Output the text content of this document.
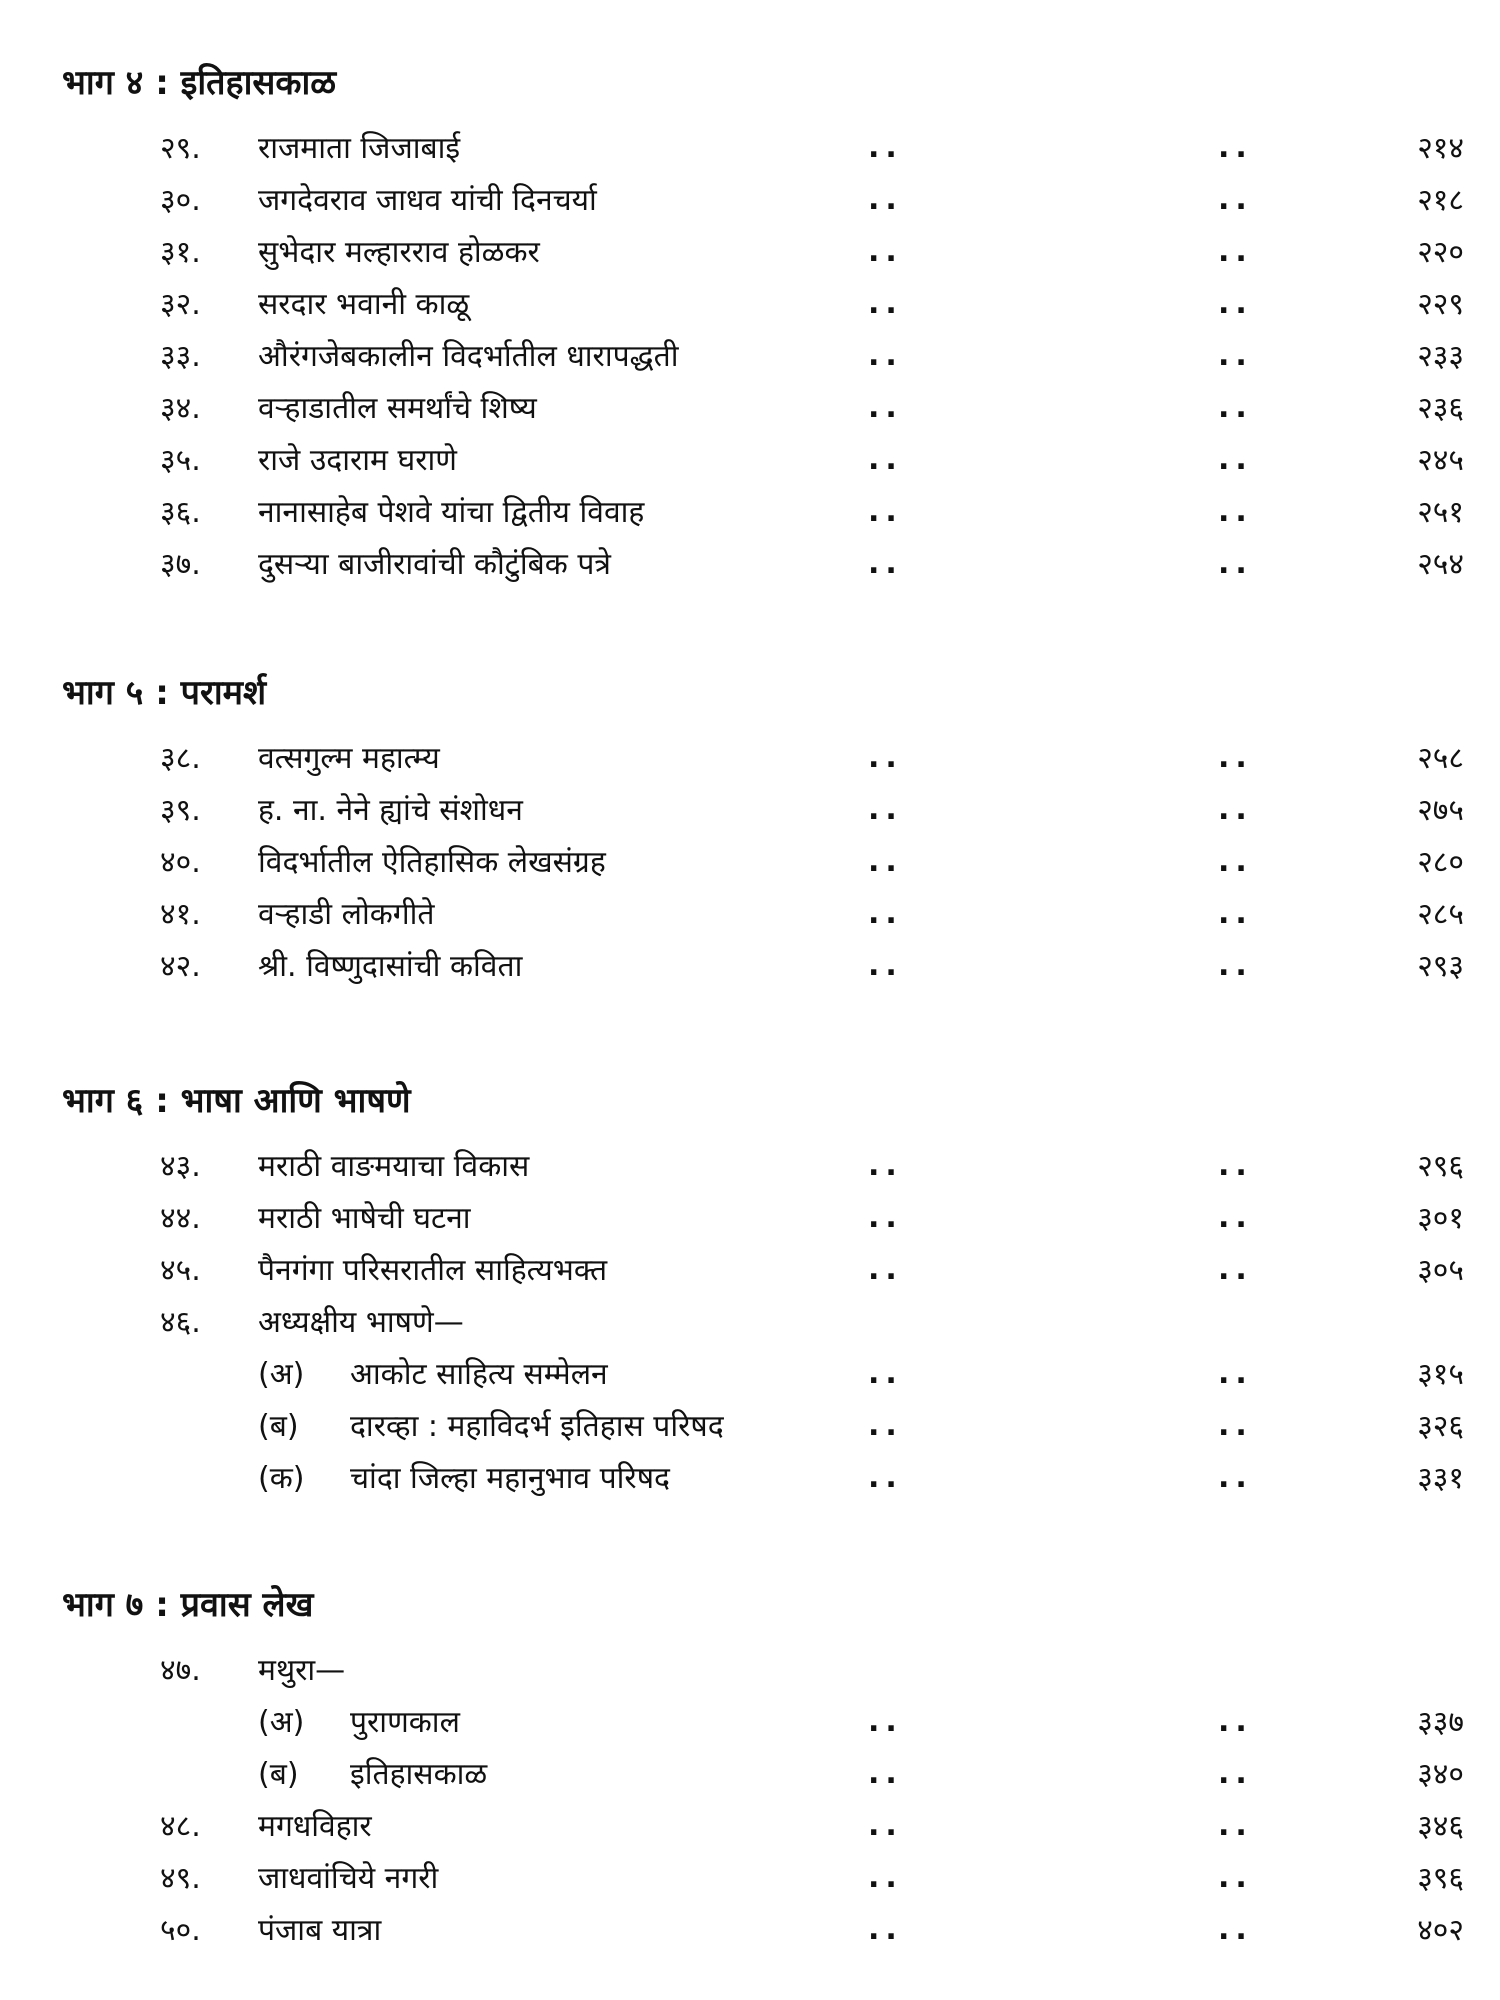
भाग ४ : इतिहासकाळ
२९. राजमाता जिजाबाई	..	..	२१४
३०. जगदेवराव जाधव यांची दिनचर्या	..	..	२१८
३१. सुभेदार मल्हारराव होळकर	..	..	२२०
३२. सरदार भवानी काळू	..	..	२२९
३३. औरंगजेबकालीन विदर्भातील धारापद्धती	..	..	२३३
३४. वऱ्हाडातील समर्थांचे शिष्य	..	..	२३६
३५. राजे उदाराम घराणे	..	..	२४५
३६. नानासाहेब पेशवे यांचा द्वितीय विवाह	..	..	२५१
३७. दुसऱ्या बाजीरावांची कौटुंबिक पत्रे	..	..	२५४
भाग ५ : परामर्श
३८. वत्सगुल्म महात्म्य	..	..	२५८
३९. ह. ना. नेने ह्यांचे संशोधन	..	..	२७५
४०. विदर्भातील ऐतिहासिक लेखसंग्रह	..	..	२८०
४१. वऱ्हाडी लोकगीते	..	..	२८५
४२. श्री. विष्णुदासांची कविता	..	..	२९३
भाग ६ : भाषा आणि भाषणे
४३. मराठी वाङमयाचा विकास	..	..	२९६
४४. मराठी भाषेची घटना	..	..	३०१
४५. पैनगंगा परिसरातील साहित्यभक्त	..	..	३०५
४६. अध्यक्षीय भाषणे—
(अ) आकोट साहित्य सम्मेलन	..	..	३१५
(ब) दारव्हा : महाविदर्भ इतिहास परिषद	..	..	३२६
(क) चांदा जिल्हा महानुभाव परिषद	..	..	३३१
भाग ७ : प्रवास लेख
४७. मथुरा—
(अ) पुराणकाल	..	..	३३७
(ब) इतिहासकाळ	..	..	३४०
४८. मगधविहार	..	..	३४६
४९. जाधवांचिये नगरी	..	..	३९६
५०. पंजाब यात्रा	..	..	४०२
